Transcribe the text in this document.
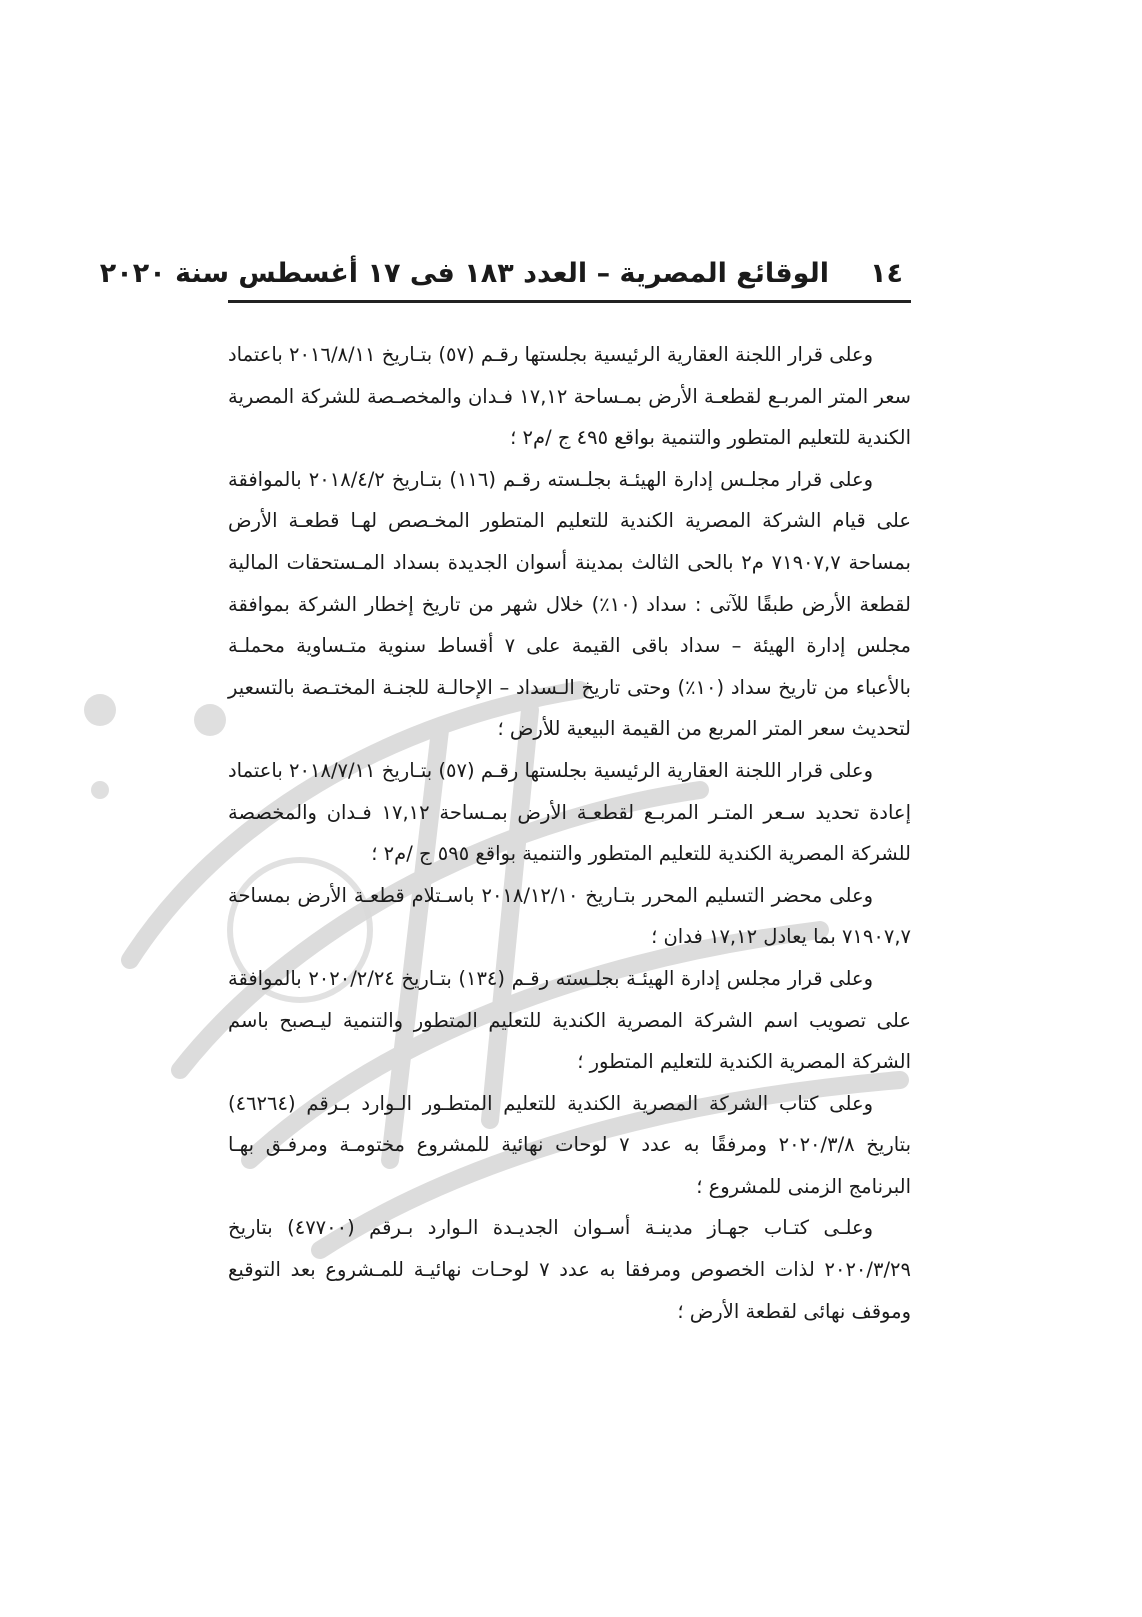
١٤
الوقائع المصرية – العدد ١٨٣ فى ١٧ أغسطس سنة ٢٠٢٠

وعلى قرار اللجنة العقارية الرئيسية بجلستها رقـم (٥٧) بتـاريخ ٢٠١٦/٨/١١ باعتماد سعر المتر المربـع لقطعـة الأرض بمـساحة ١٧,١٢ فـدان والمخصـصة للشركة المصرية الكندية للتعليم المتطور والتنمية بواقع ٤٩٥ ج /م٢ ؛

وعلى قرار مجلـس إدارة الهيئـة بجلـسته رقـم (١١٦) بتـاريخ ٢٠١٨/٤/٢ بالموافقة على قيام الشركة المصرية الكندية للتعليم المتطور المخـصص لهـا قطعـة الأرض بمساحة ٧١٩٠٧,٧ م٢ بالحى الثالث بمدينة أسوان الجديدة بسداد المـستحقات المالية لقطعة الأرض طبقًا للآتى : سداد (١٠٪) خلال شهر من تاريخ إخطار الشركة بموافقة مجلس إدارة الهيئة – سداد باقى القيمة على ٧ أقساط سنوية متـساوية محملـة بالأعباء من تاريخ سداد (١٠٪) وحتى تاريخ الـسداد – الإحالـة للجنـة المختـصة بالتسعير لتحديث سعر المتر المربع من القيمة البيعية للأرض ؛

وعلى قرار اللجنة العقارية الرئيسية بجلستها رقـم (٥٧) بتـاريخ ٢٠١٨/٧/١١ باعتماد إعادة تحديد سـعر المتـر المربـع لقطعـة الأرض بمـساحة ١٧,١٢ فـدان والمخصصة للشركة المصرية الكندية للتعليم المتطور والتنمية بواقع ٥٩٥ ج /م٢ ؛

وعلى محضر التسليم المحرر بتـاريخ ٢٠١٨/١٢/١٠ باسـتلام قطعـة الأرض بمساحة ٧١٩٠٧,٧ بما يعادل ١٧,١٢ فدان ؛

وعلى قرار مجلس إدارة الهيئـة بجلـسته رقـم (١٣٤) بتـاريخ ٢٠٢٠/٢/٢٤ بالموافقة على تصويب اسم الشركة المصرية الكندية للتعليم المتطور والتنمية ليـصبح باسم الشركة المصرية الكندية للتعليم المتطور ؛

وعلى كتاب الشركة المصرية الكندية للتعليم المتطـور الـوارد بـرقم (٤٦٢٦٤) بتاريخ ٢٠٢٠/٣/٨ ومرفقًا به عدد ٧ لوحات نهائية للمشروع مختومـة ومرفـق بهـا البرنامج الزمنى للمشروع ؛

وعلـى كتـاب جهـاز مدينـة أسـوان الجديـدة الـوارد بـرقم (٤٧٧٠٠) بتاريخ ٢٠٢٠/٣/٢٩ لذات الخصوص ومرفقا به عدد ٧ لوحـات نهائيـة للمـشروع بعد التوقيع وموقف نهائى لقطعة الأرض ؛
